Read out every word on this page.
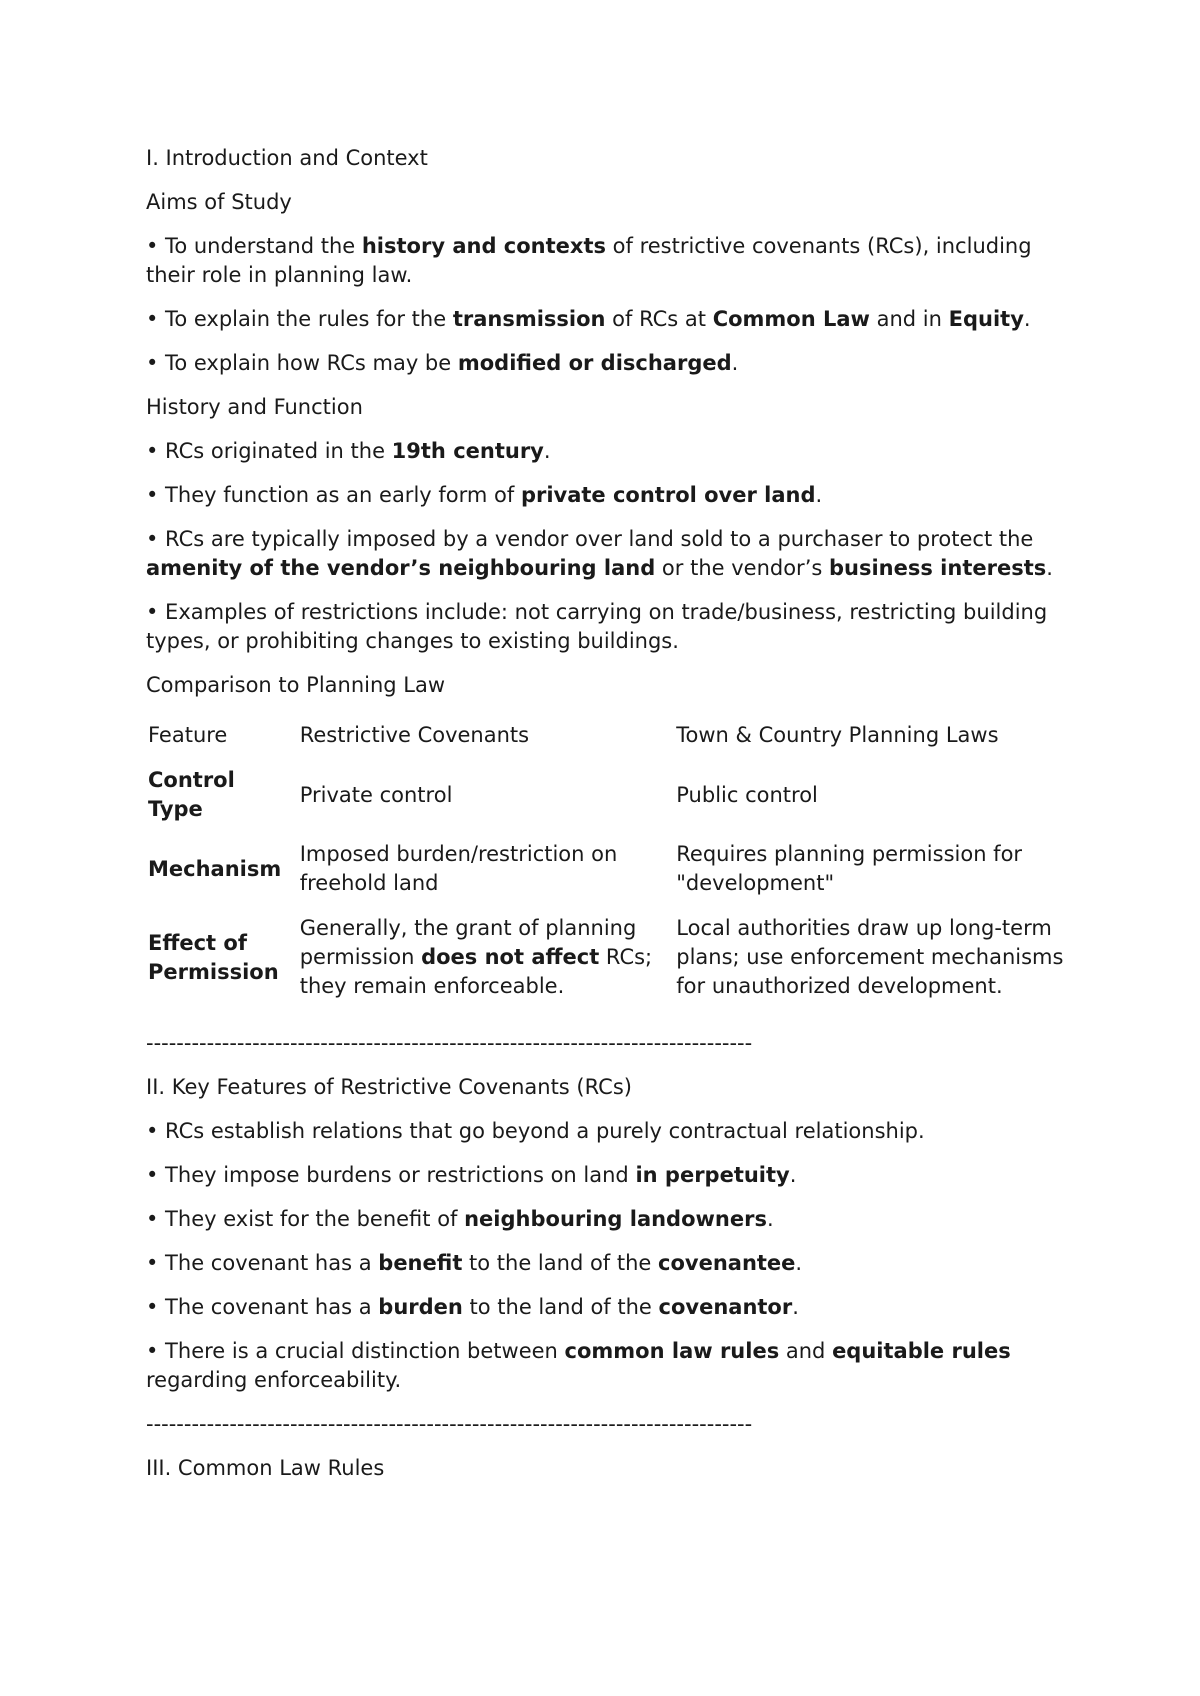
I. Introduction and Context
Aims of Study
• To understand the history and contexts of restrictive covenants (RCs), including their role in planning law.
• To explain the rules for the transmission of RCs at Common Law and in Equity.
• To explain how RCs may be modified or discharged.
History and Function
• RCs originated in the 19th century.
• They function as an early form of private control over land.
• RCs are typically imposed by a vendor over land sold to a purchaser to protect the amenity of the vendor’s neighbouring land or the vendor’s business interests.
• Examples of restrictions include: not carrying on trade/business, restricting building types, or prohibiting changes to existing buildings.
Comparison to Planning Law
Feature	Restrictive Covenants	Town & Country Planning Laws
Control Type	Private control	Public control
Mechanism	Imposed burden/restriction on freehold land	Requires planning permission for "development"
Effect of Permission	Generally, the grant of planning permission does not affect RCs; they remain enforceable.	Local authorities draw up long-term plans; use enforcement mechanisms for unauthorized development.
--------------------------------------------------------------------------------
II. Key Features of Restrictive Covenants (RCs)
• RCs establish relations that go beyond a purely contractual relationship.
• They impose burdens or restrictions on land in perpetuity.
• They exist for the benefit of neighbouring landowners.
• The covenant has a benefit to the land of the covenantee.
• The covenant has a burden to the land of the covenantor.
• There is a crucial distinction between common law rules and equitable rules regarding enforceability.
--------------------------------------------------------------------------------
III. Common Law Rules
